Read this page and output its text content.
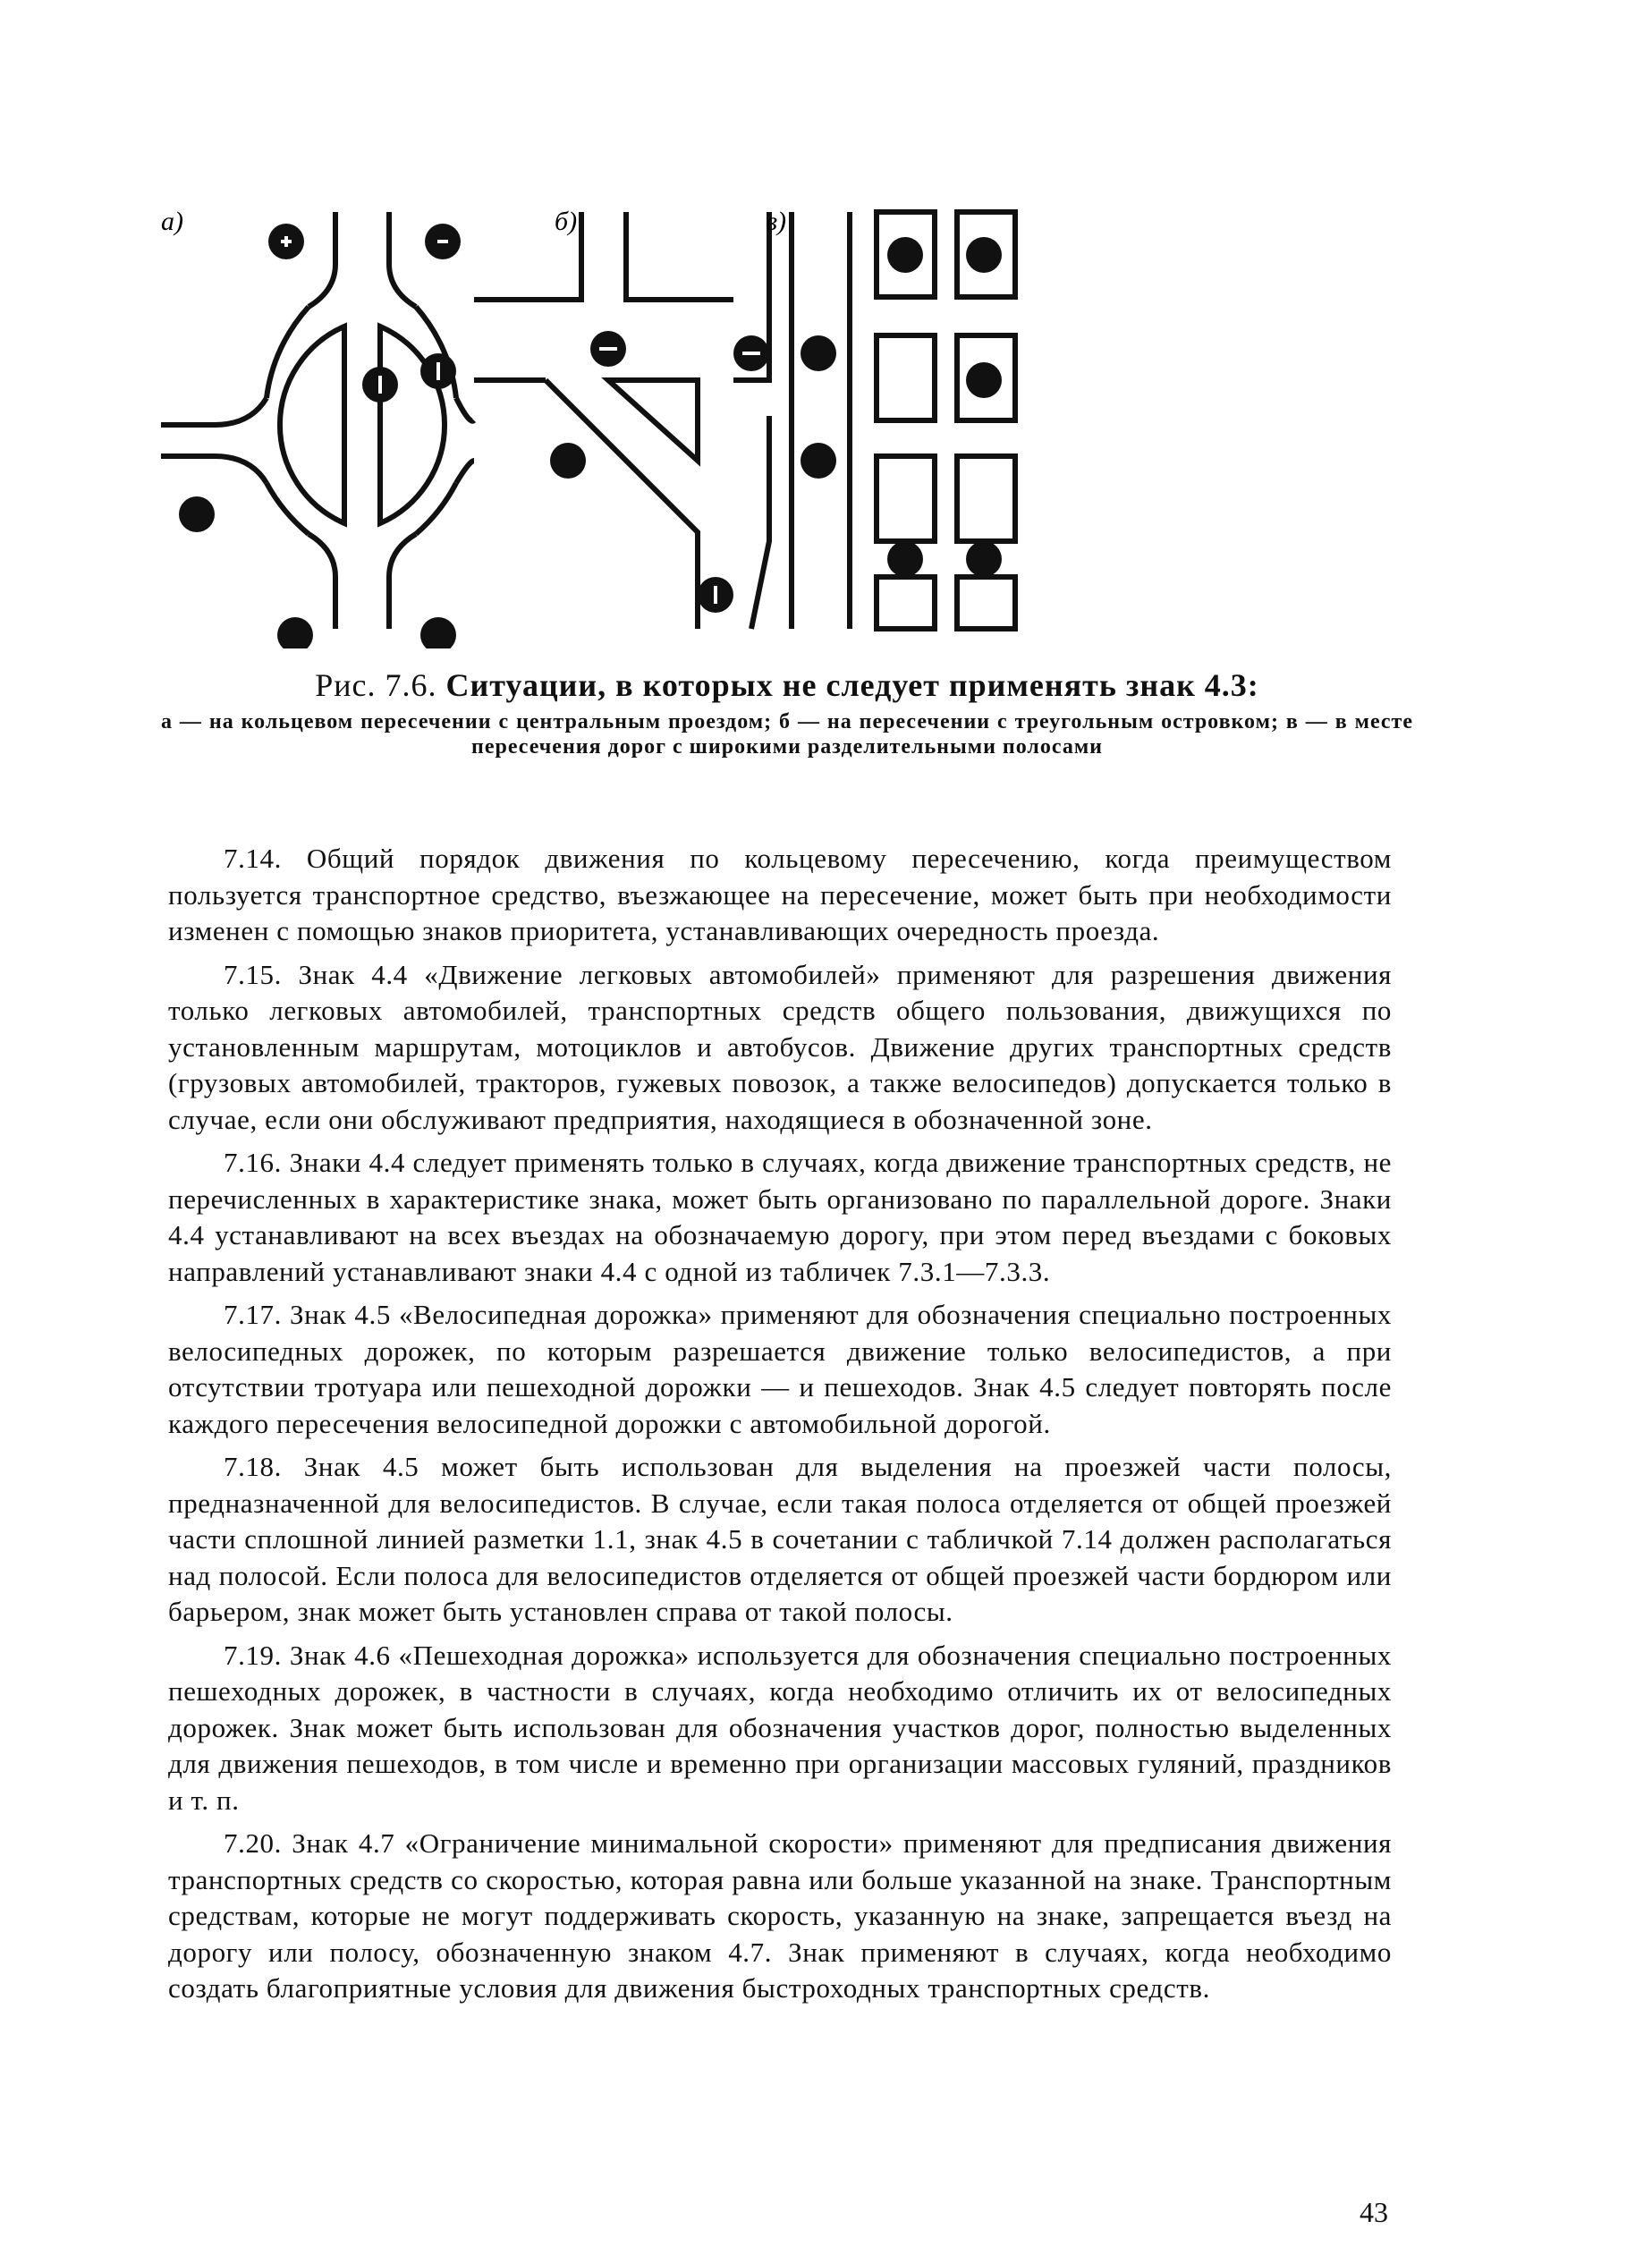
а)	б)	в)
Рис. 7.6. Ситуации, в которых не следует применять знак 4.3:
а — на кольцевом пересечении с центральным проездом; б — на пересечении с треугольным островком; в — в месте пересечения дорог с широкими разделительными полосами

7.14. Общий порядок движения по кольцевому пересечению, когда преимуществом пользуется транспортное средство, въезжающее на пересечение, может быть при необходимости изменен с помощью знаков приоритета, устанавливающих очередность проезда.

7.15. Знак 4.4 «Движение легковых автомобилей» применяют для разрешения движения только легковых автомобилей, транспортных средств общего пользования, движущихся по установленным маршрутам, мотоциклов и автобусов. Движение других транспортных средств (грузовых автомобилей, тракторов, гужевых повозок, а также велосипедов) допускается только в случае, если они обслуживают предприятия, находящиеся в обозначенной зоне.

7.16. Знаки 4.4 следует применять только в случаях, когда движение транспортных средств, не перечисленных в характеристике знака, может быть организовано по параллельной дороге. Знаки 4.4 устанавливают на всех въездах на обозначаемую дорогу, при этом перед въездами с боковых направлений устанавливают знаки 4.4 с одной из табличек 7.3.1—7.3.3.

7.17. Знак 4.5 «Велосипедная дорожка» применяют для обозначения специально построенных велосипедных дорожек, по которым разрешается движение только велосипедистов, а при отсутствии тротуара или пешеходной дорожки — и пешеходов. Знак 4.5 следует повторять после каждого пересечения велосипедной дорожки с автомобильной дорогой.

7.18. Знак 4.5 может быть использован для выделения на проезжей части полосы, предназначенной для велосипедистов. В случае, если такая полоса отделяется от общей проезжей части сплошной линией разметки 1.1, знак 4.5 в сочетании с табличкой 7.14 должен располагаться над полосой. Если полоса для велосипедистов отделяется от общей проезжей части бордюром или барьером, знак может быть установлен справа от такой полосы.

7.19. Знак 4.6 «Пешеходная дорожка» используется для обозначения специально построенных пешеходных дорожек, в частности в случаях, когда необходимо отличить их от велосипедных дорожек. Знак может быть использован для обозначения участков дорог, полностью выделенных для движения пешеходов, в том числе и временно при организации массовых гуляний, праздников и т. п.

7.20. Знак 4.7 «Ограничение минимальной скорости» применяют для предписания движения транспортных средств со скоростью, которая равна или больше указанной на знаке. Транспортным средствам, которые не могут поддерживать скорость, указанную на знаке, запрещается въезд на дорогу или полосу, обозначенную знаком 4.7. Знак применяют в случаях, когда необходимо создать благоприятные условия для движения быстроходных транспортных средств.

43
